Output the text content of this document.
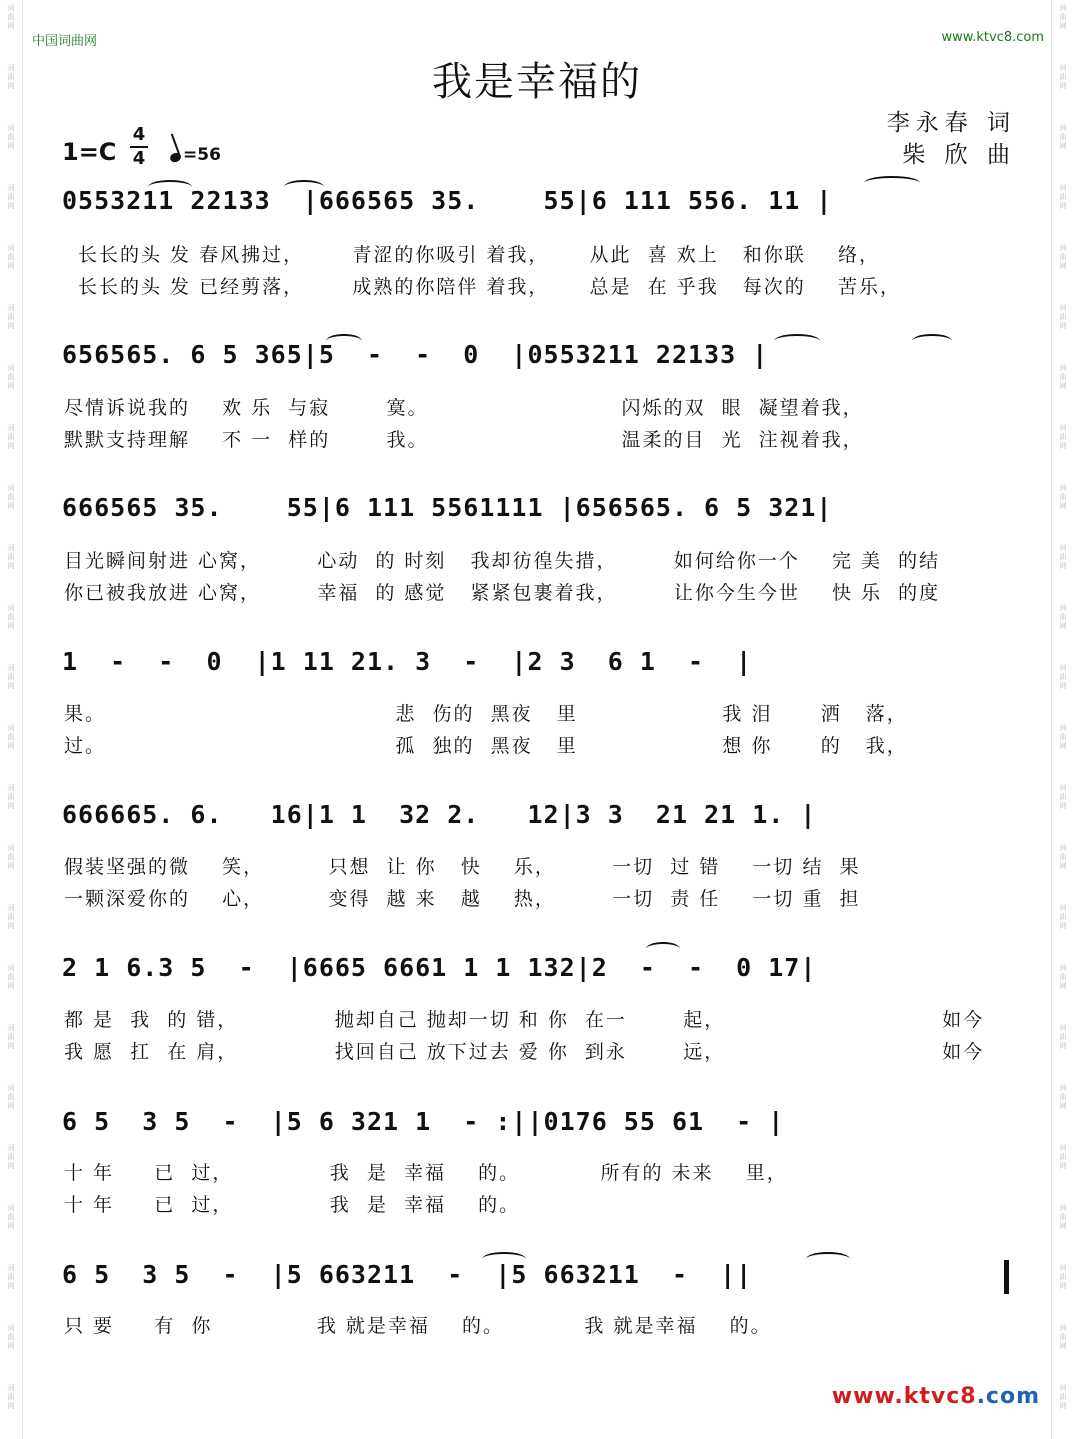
词
曲
网
词
曲
网
词
曲
网
词
曲
网
词
曲
网
词
曲
网
词
曲
网
词
曲
网
词
曲
网
词
曲
网
词
曲
网
词
曲
网
词
曲
网
词
曲
网
词
曲
网
词
曲
网
词
曲
网
词
曲
网
词
曲
网
词
曲
网
词
曲
网
词
曲
网
词
曲
网
词
曲
网
词
曲
网
词
曲
网
词
曲
网
词
曲
网
词
曲
网
词
曲
网
词
曲
网
词
曲
网
词
曲
网
词
曲
网
词
曲
网
词
曲
网
词
曲
网
词
曲
网
词
曲
网
词
曲
网
词
曲
网
词
曲
网
词
曲
网
词
曲
网
词
曲
网
词
曲
网
词
曲
网
词
曲
网
中国词曲网	www.ktvc8.com
我是幸福的
李永春 词
柴 欣 曲
1=C
4
4	=56
0553211 22133  |666565 35.    55|6 111 556. 11 |
长长的头 发 春风拂过，      青涩的你吸引 着我，     从此  喜 欢上   和你联    络，
长长的头 发 已经剪落，      成熟的你陪伴 着我，     总是  在 乎我   每次的    苦乐，
656565. 6 5 365|5  -  -  0  |0553211 22133 |
尽情诉说我的    欢 乐  与寂       寞。                        闪烁的双  眼  凝望着我，
默默支持理解    不 一  样的       我。                        温柔的目  光  注视着我，
666565 35.    55|6 111 5561111 |656565. 6 5 321|
目光瞬间射进 心窝，       心动  的 时刻   我却彷徨失措，       如何给你一个    完 美  的结
你已被我放进 心窝，       幸福  的 感觉   紧紧包裹着我，       让你今生今世    快 乐  的度
1  -  -  0  |1 11 21. 3  -  |2 3  6 1  -  |
果。                                    悲  伤的  黑夜   里                  我 泪      洒   落，
过。                                    孤  独的  黑夜   里                  想 你      的   我，
666665. 6.   16|1 1  32 2.   12|3 3  21 21 1. |
假装坚强的微    笑，        只想  让 你   快    乐，       一切  过 错    一切 结  果
一颗深爱你的    心，        变得  越 来   越    热，       一切  责 任    一切 重  担
2 1 6.3 5  -  |6665 6661 1 1 132|2  -  -  0 17|
都 是  我  的 错，            抛却自己 抛却一切 和 你  在一       起，                           如今
我 愿  扛  在 肩，            找回自己 放下过去 爱 你  到永       远，                           如今
6 5  3 5  -  |5 6 321 1  - :||0176 55 61  - |
十 年     已  过，            我  是  幸福    的。          所有的 未来    里，
十 年     已  过，            我  是  幸福    的。
6 5  3 5  -  |5 663211  -  |5 663211  -  ||
只 要     有  你             我 就是幸福    的。          我 就是幸福    的。
www.ktvc8.com
